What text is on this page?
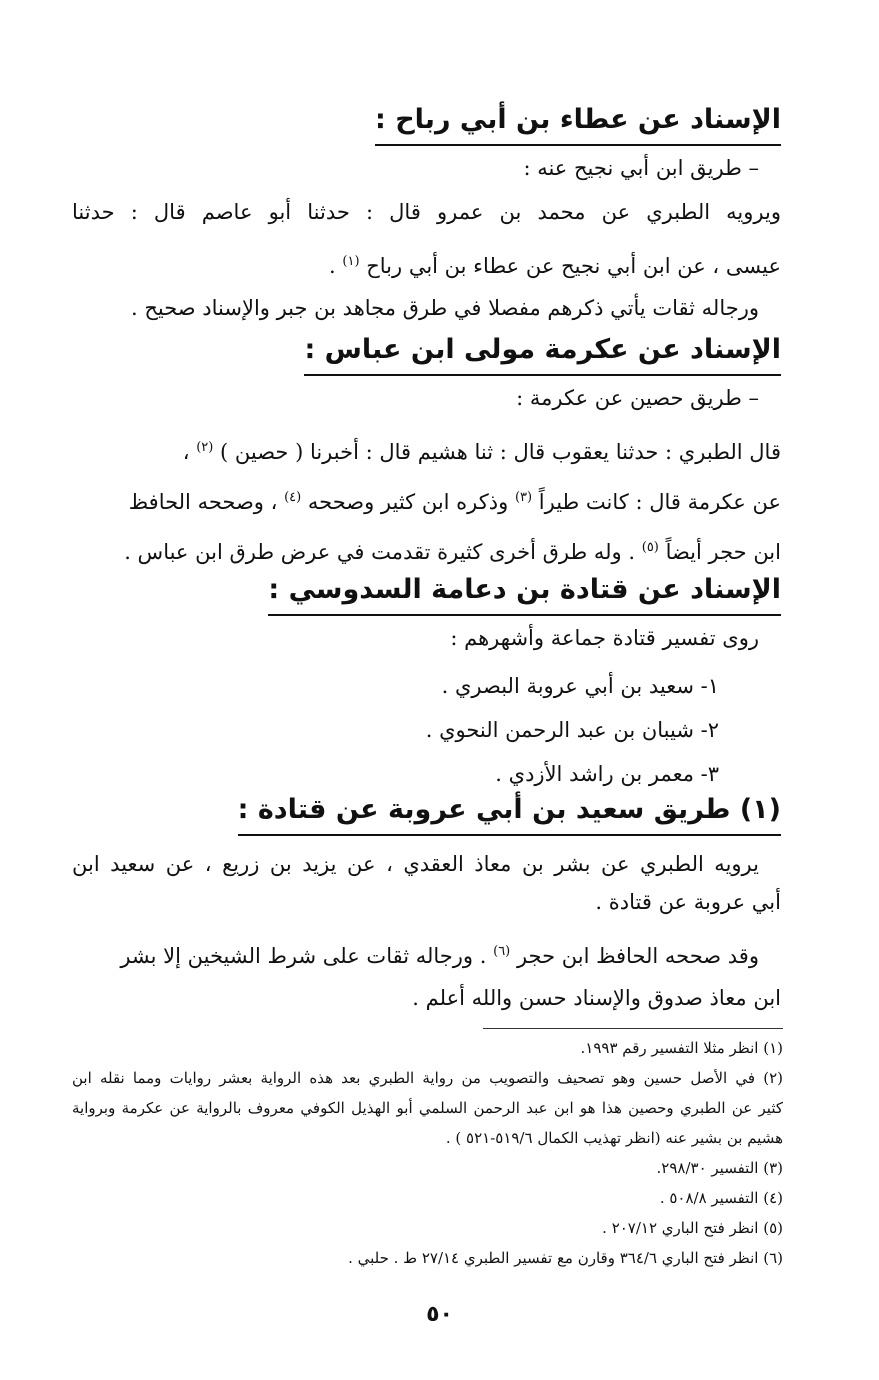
الإسناد عن عطاء بن أبي رباح :
– طريق ابن أبي نجيح عنه :
ويرويه الطبري عن محمد بن عمرو قال : حدثنا أبو عاصم قال : حدثنا
عيسى ، عن ابن أبي نجيح عن عطاء بن أبي رباح $^{(١)}$ .
ورجاله ثقات يأتي ذكرهم مفصلا في طرق مجاهد بن جبر والإسناد صحيح .
الإسناد عن عكرمة مولى ابن عباس :
– طريق حصين عن عكرمة :
قال الطبري : حدثنا يعقوب قال : ثنا هشيم قال : أخبرنا ( حصين ) $^{(٢)}$ ،
عن عكرمة قال : كانت طيراً $^{(٣)}$ وذكره ابن كثير وصححه $^{(٤)}$ ، وصححه الحافظ
ابن حجر أيضاً $^{(٥)}$ . وله طرق أخرى كثيرة تقدمت في عرض طرق ابن عباس .
الإسناد عن قتادة بن دعامة السدوسي :
روى تفسير قتادة جماعة وأشهرهم :
١- سعيد بن أبي عروبة البصري .
٢- شيبان بن عبد الرحمن النحوي .
٣- معمر بن راشد الأزدي .
(١) طريق سعيد بن أبي عروبة عن قتادة :
يرويه الطبري عن بشر بن معاذ العقدي ، عن يزيد بن زريع ، عن سعيد ابن
أبي عروبة عن قتادة .
وقد صححه الحافظ ابن حجر $^{(٦)}$ . ورجاله ثقات على شرط الشيخين إلا بشر
ابن معاذ صدوق والإسناد حسن والله أعلم .
(١) انظر مثلا التفسير رقم ١٩٩٣.
(٢) في الأصل حسين وهو تصحيف والتصويب من رواية الطبري بعد هذه الرواية بعشر روايات ومما نقله ابن
كثير عن الطبري وحصين هذا هو ابن عبد الرحمن السلمي أبو الهذيل الكوفي معروف بالرواية عن عكرمة وبرواية
هشيم بن بشير عنه (انظر تهذيب الكمال ٥١٩/٦-٥٢١ ) .
(٣) التفسير ٢٩٨/٣٠.
(٤) التفسير ٥٠٨/٨ .
(٥) انظر فتح الباري ٢٠٧/١٢ .
(٦) انظر فتح الباري ٣٦٤/٦ وقارن مع تفسير الطبري ٢٧/١٤ ط . حلبي .
٥٠
